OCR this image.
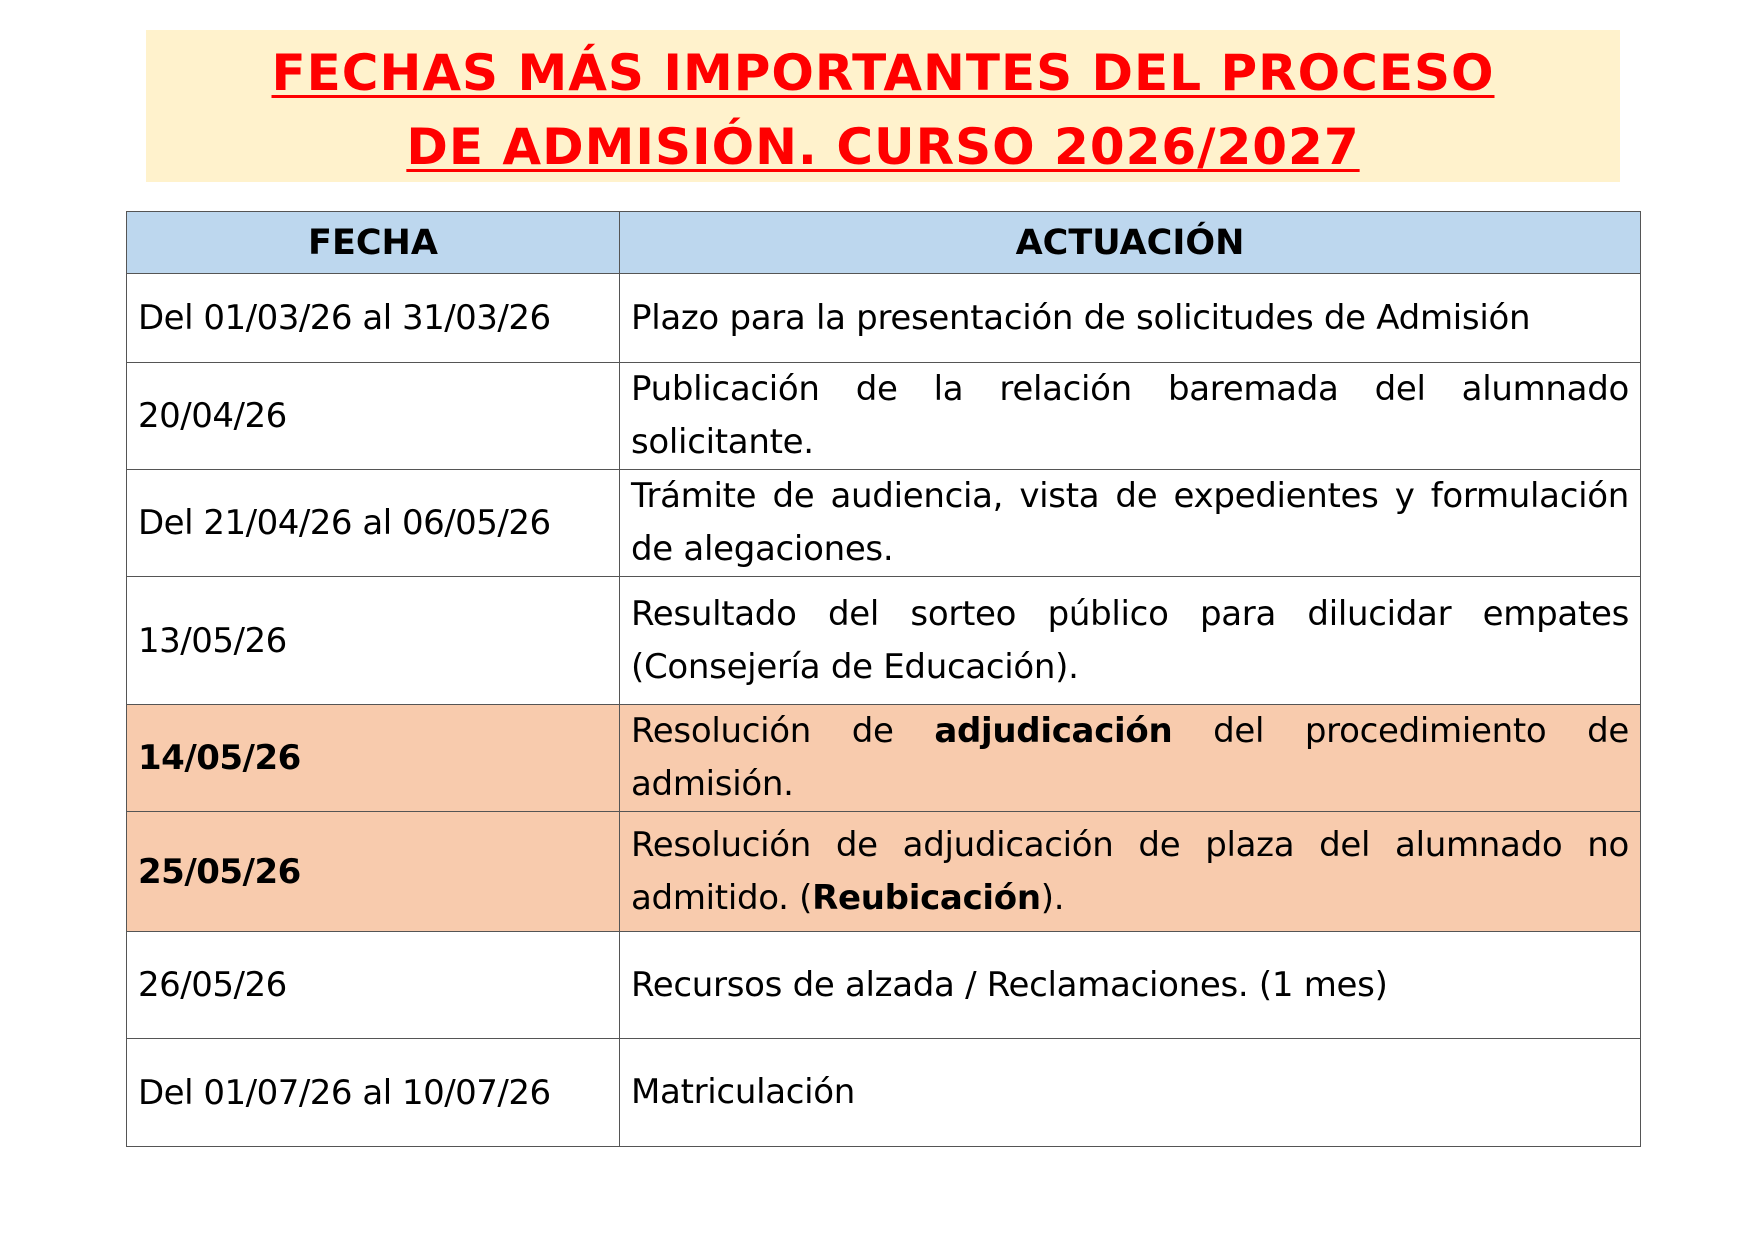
FECHAS MÁS IMPORTANTES DEL PROCESO
DE ADMISIÓN. CURSO 2026/2027
FECHA	ACTUACIÓN
Del 01/03/26 al 31/03/26	Plazo para la presentación de solicitudes de Admisión
20/04/26	Publicación de la relación baremada del alumnado solicitante.
Del 21/04/26 al 06/05/26	Trámite de audiencia, vista de expedientes y formulación de alegaciones.
13/05/26	Resultado del sorteo público para dilucidar empates (Consejería de Educación).
14/05/26	Resolución de adjudicación del procedimiento de admisión.
25/05/26	Resolución de adjudicación de plaza del alumnado no admitido. (Reubicación).
26/05/26	Recursos de alzada / Reclamaciones. (1 mes)
Del 01/07/26 al 10/07/26	Matriculación
